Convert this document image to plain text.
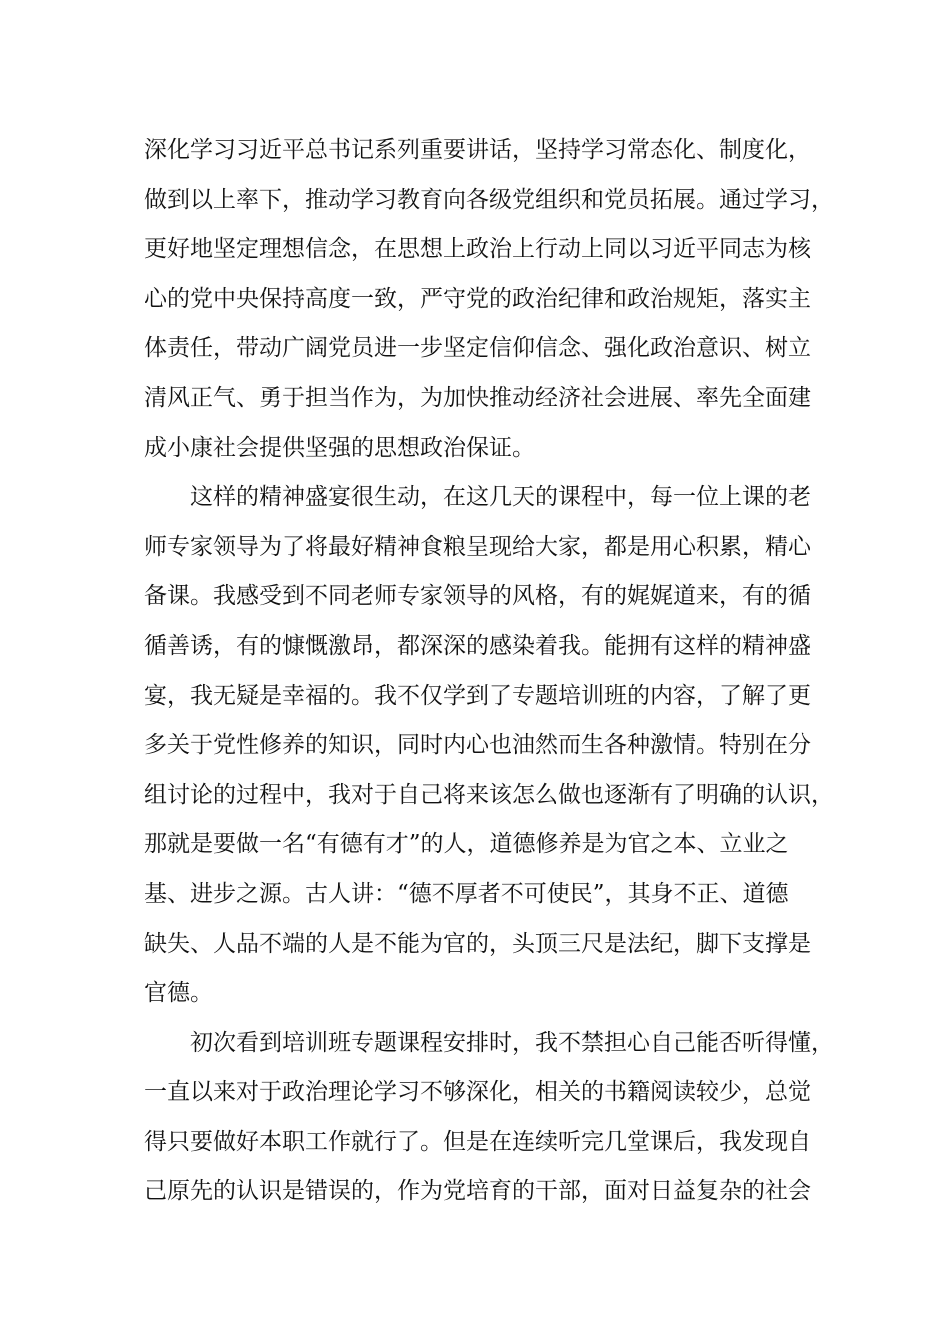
深化学习习近平总书记系列重要讲话，坚持学习常态化、制度化，
做到以上率下，推动学习教育向各级党组织和党员拓展。通过学习，
更好地坚定理想信念，在思想上政治上行动上同以习近平同志为核
心的党中央保持高度一致，严守党的政治纪律和政治规矩，落实主
体责任，带动广阔党员进一步坚定信仰信念、强化政治意识、树立
清风正气、勇于担当作为，为加快推动经济社会进展、率先全面建
成小康社会提供坚强的思想政治保证。
这样的精神盛宴很生动，在这几天的课程中，每一位上课的老
师专家领导为了将最好精神食粮呈现给大家，都是用心积累，精心
备课。我感受到不同老师专家领导的风格，有的娓娓道来，有的循
循善诱，有的慷慨激昂，都深深的感染着我。能拥有这样的精神盛
宴，我无疑是幸福的。我不仅学到了专题培训班的内容，了解了更
多关于党性修养的知识，同时内心也油然而生各种激情。特别在分
组讨论的过程中，我对于自己将来该怎么做也逐渐有了明确的认识，
那就是要做一名“有德有才”的人，道德修养是为官之本、立业之
基、进步之源。古人讲：“德不厚者不可使民”，其身不正、道德
缺失、人品不端的人是不能为官的，头顶三尺是法纪，脚下支撑是
官德。
初次看到培训班专题课程安排时，我不禁担心自己能否听得懂，
一直以来对于政治理论学习不够深化，相关的书籍阅读较少，总觉
得只要做好本职工作就行了。但是在连续听完几堂课后，我发现自
己原先的认识是错误的，作为党培育的干部，面对日益复杂的社会
